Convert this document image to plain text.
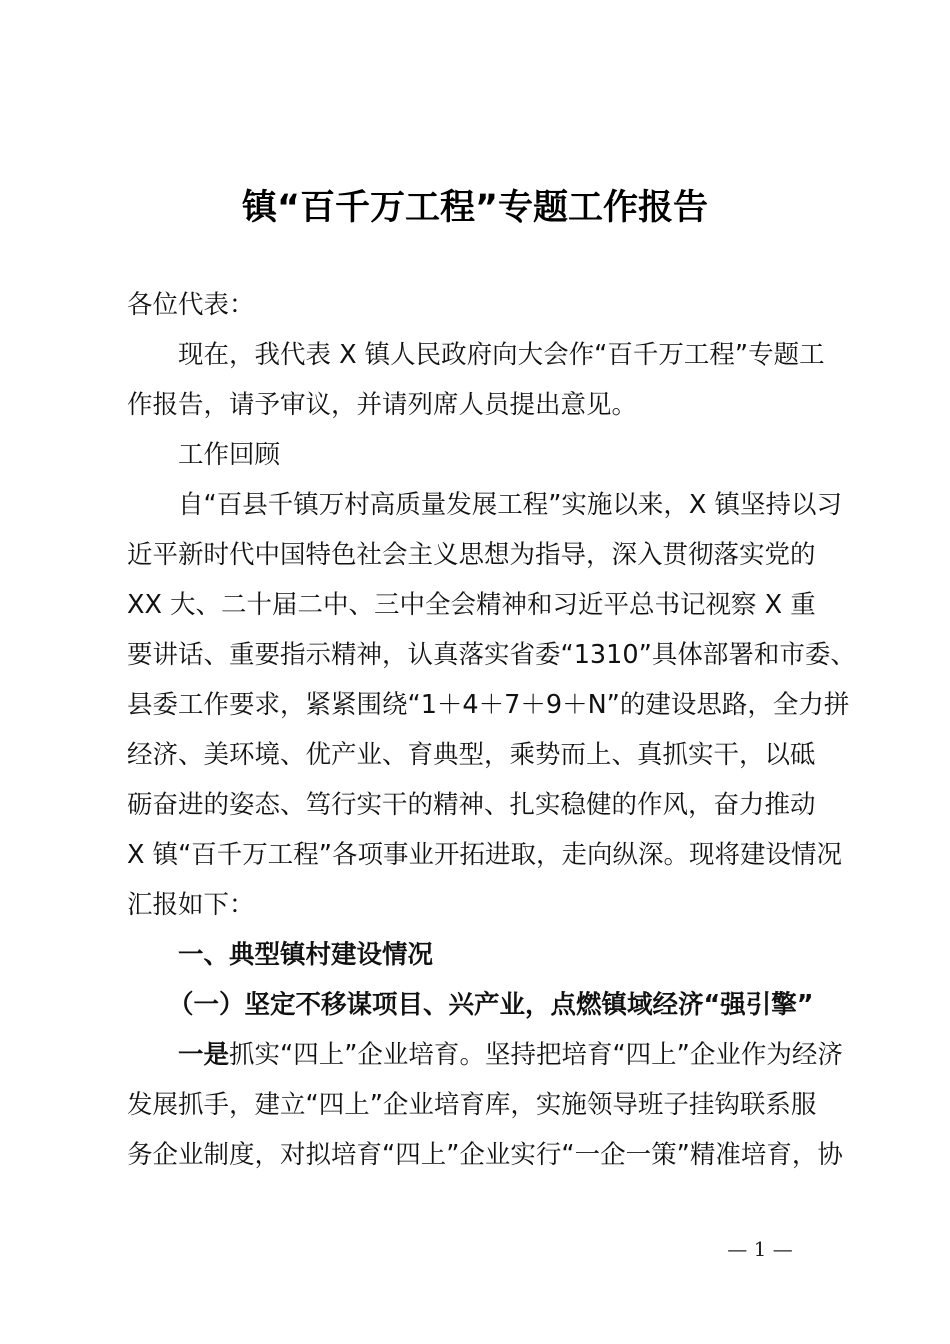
镇“百千万工程”专题工作报告
各位代表：
现在，我代表 X 镇人民政府向大会作“百千万工程”专题工
作报告，请予审议，并请列席人员提出意见。
工作回顾
自“百县千镇万村高质量发展工程”实施以来，X 镇坚持以习
近平新时代中国特色社会主义思想为指导，深入贯彻落实党的
XX 大、二十届二中、三中全会精神和习近平总书记视察 X 重
要讲话、重要指示精神，认真落实省委“1310”具体部署和市委、
县委工作要求，紧紧围绕“1＋4＋7＋9＋N”的建设思路，全力拼
经济、美环境、优产业、育典型，乘势而上、真抓实干，以砥
砺奋进的姿态、笃行实干的精神、扎实稳健的作风，奋力推动
X 镇“百千万工程”各项事业开拓进取，走向纵深。现将建设情况
汇报如下：
一、典型镇村建设情况
（一）坚定不移谋项目、兴产业，点燃镇域经济“强引擎”
一是抓实“四上”企业培育。坚持把培育“四上”企业作为经济
发展抓手，建立“四上”企业培育库，实施领导班子挂钩联系服
务企业制度，对拟培育“四上”企业实行“一企一策”精准培育，协
— 1 —
